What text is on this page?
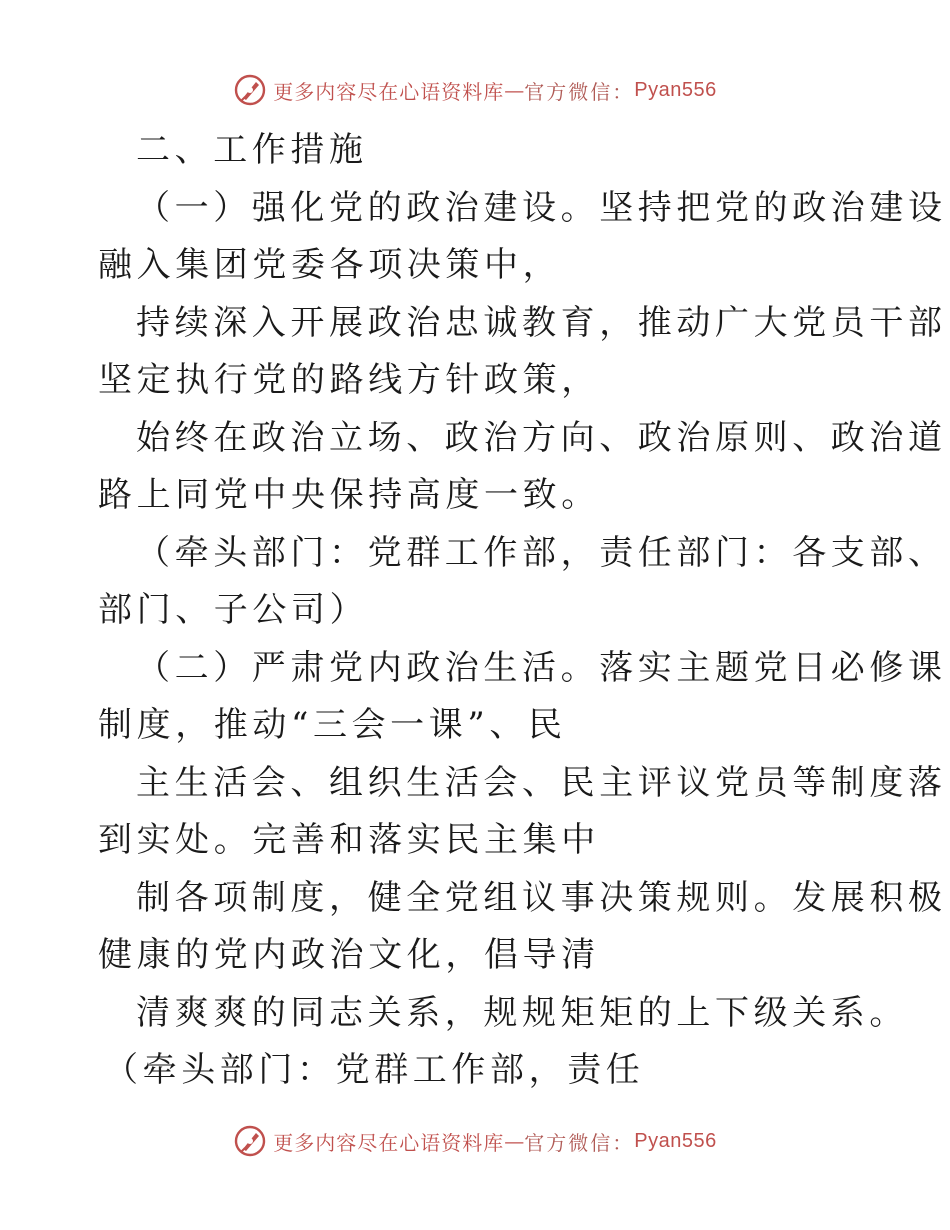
更多内容尽在心语资料库 — 官方微信： Pyan556
二、工作措施
（一）强化党的政治建设。坚持把党的政治建设
融入集团党委各项决策中，
持续深入开展政治忠诚教育，推动广大党员干部
坚定执行党的路线方针政策，
始终在政治立场、政治方向、政治原则、政治道
路上同党中央保持高度一致。
（牵头部门：党群工作部，责任部门：各支部、
部门、子公司）
（二）严肃党内政治生活。落实主题党日必修课
制度，推动“三会一课”、民
主生活会、组织生活会、民主评议党员等制度落
到实处。完善和落实民主集中
制各项制度，健全党组议事决策规则。发展积极
健康的党内政治文化，倡导清
清爽爽的同志关系，规规矩矩的上下级关系。
（牵头部门：党群工作部，责任
更多内容尽在心语资料库 — 官方微信： Pyan556
